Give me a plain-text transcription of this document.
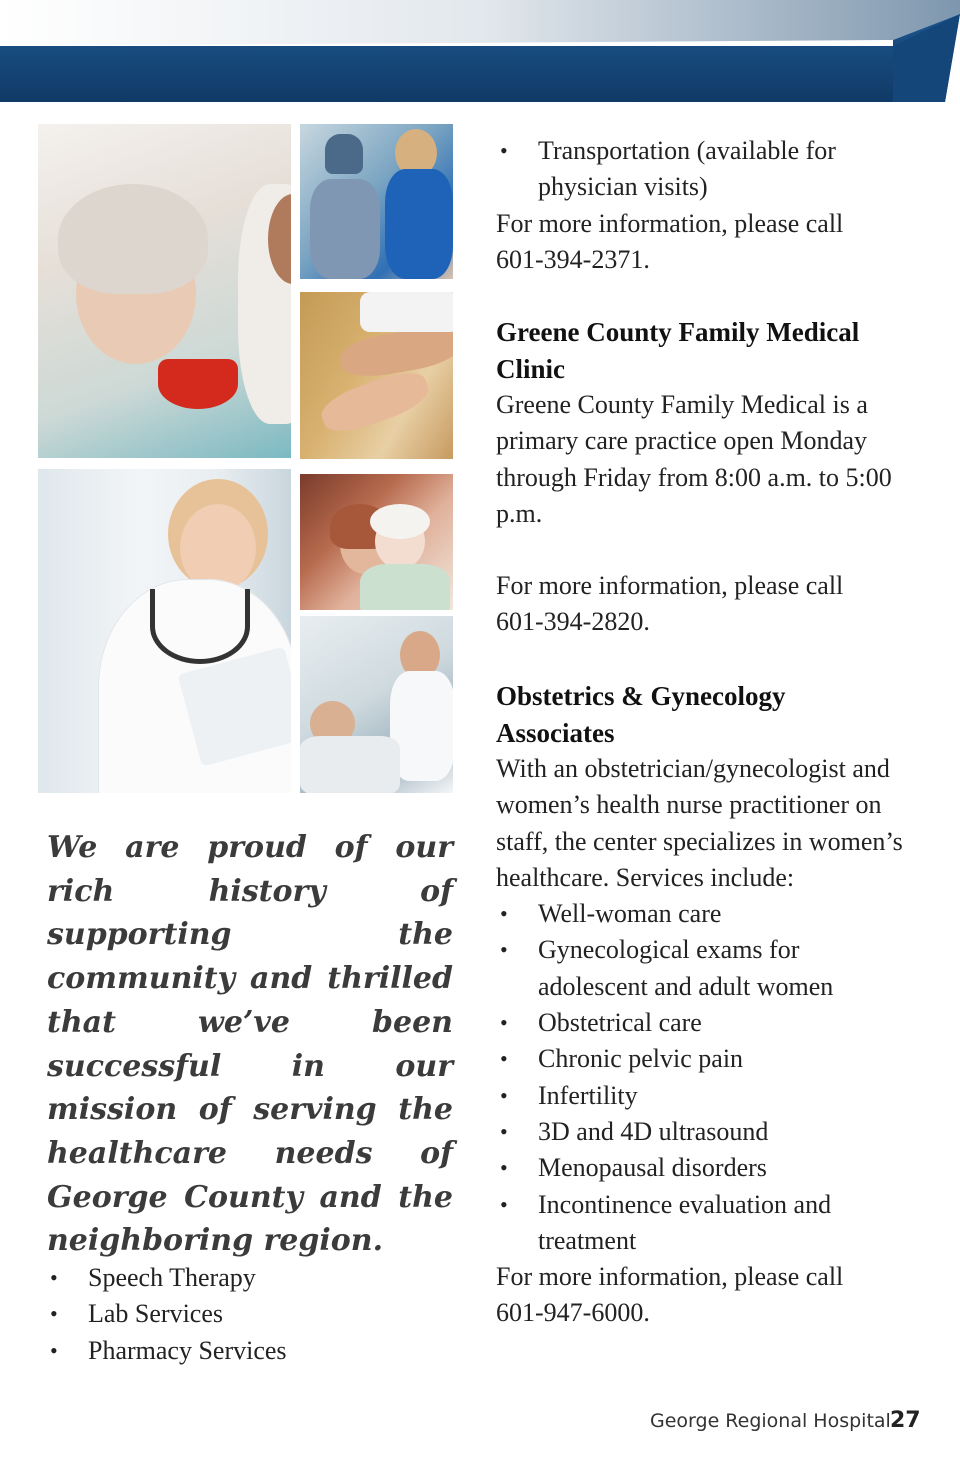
We are proud of our rich history of supporting the community and thrilled that we’ve been successful in our mission of serving the healthcare needs of George County and the neighboring region.

• Speech Therapy
• Lab Services
• Pharmacy Services
• Transportation (available for physician visits)

For more information, please call 601-394-2371.

Greene County Family Medical Clinic

Greene County Family Medical is a primary care practice open Monday through Friday from 8:00 a.m. to 5:00 p.m.

For more information, please call 601-394-2820.

Obstetrics & Gynecology Associates

With an obstetrician/gynecologist and women’s health nurse practitioner on staff, the center specializes in women’s healthcare. Services include:

• Well-woman care
• Gynecological exams for adolescent and adult women
• Obstetrical care
• Chronic pelvic pain
• Infertility
• 3D and 4D ultrasound
• Menopausal disorders
• Incontinence evaluation and treatment

For more information, please call 601-947-6000.

George Regional Hospital 27
